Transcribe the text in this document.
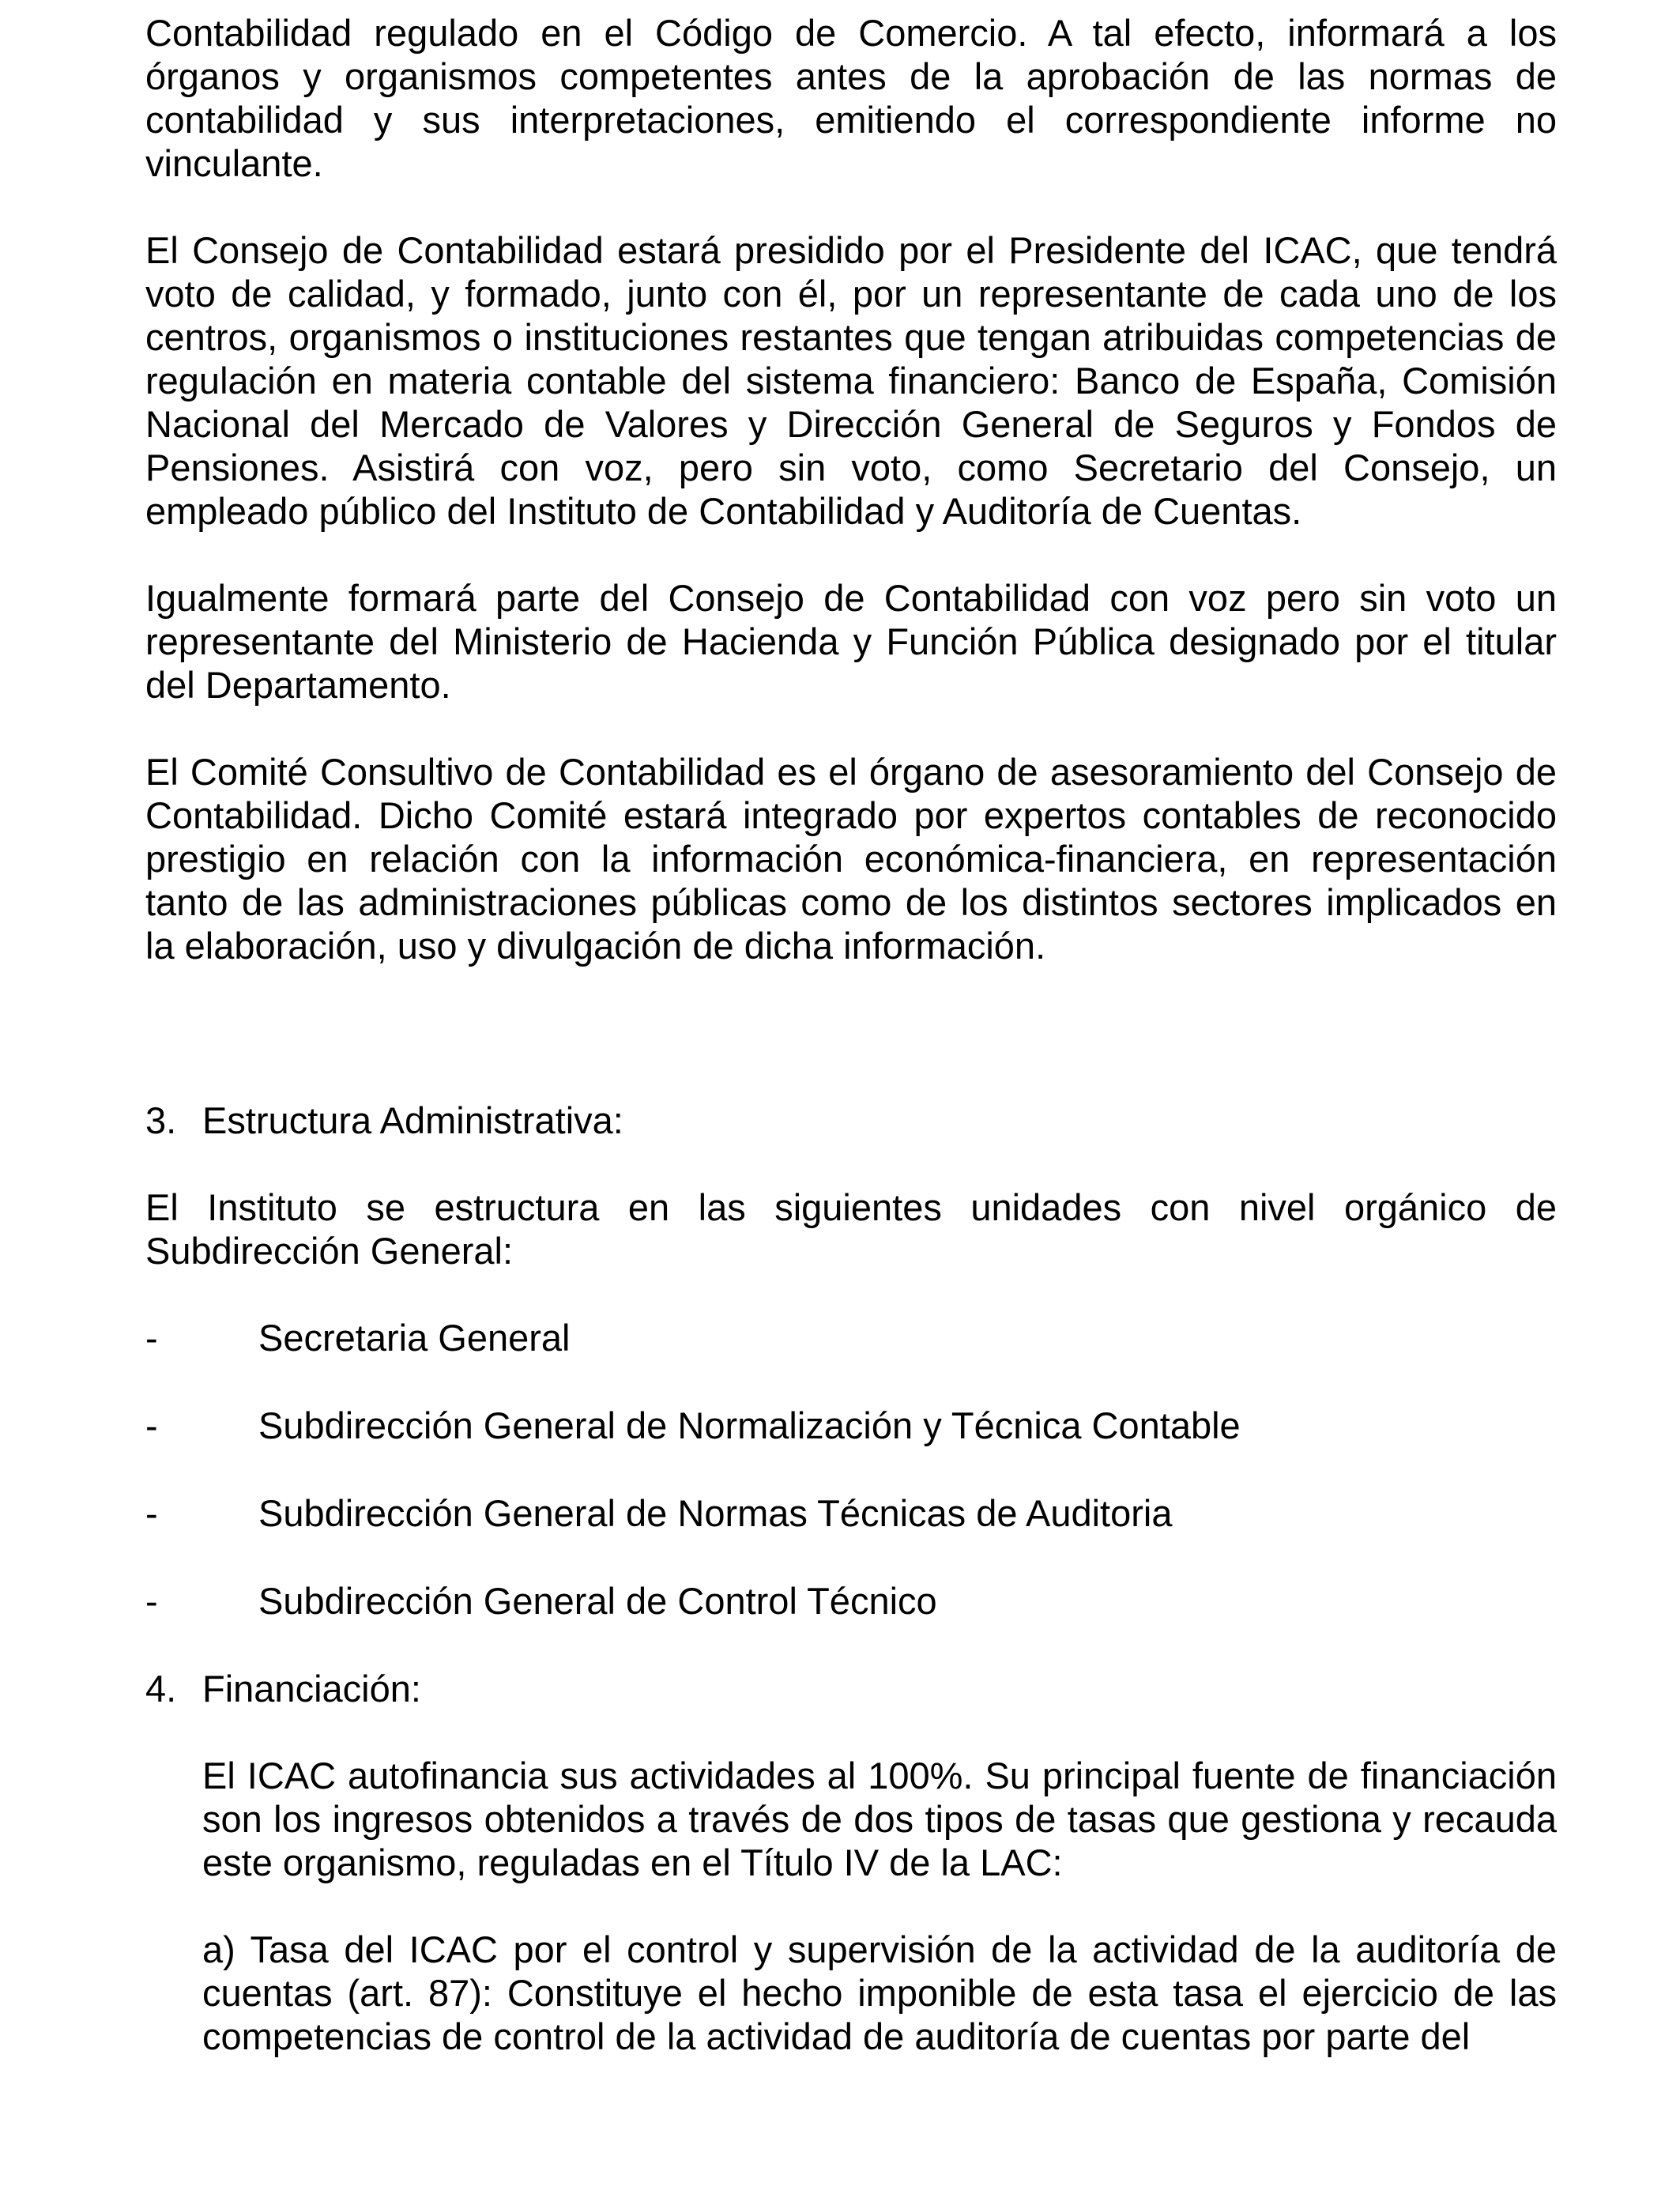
Contabilidad regulado en el Código de Comercio. A tal efecto, informará a los órganos y organismos competentes antes de la aprobación de las normas de contabilidad y sus interpretaciones, emitiendo el correspondiente informe no vinculante.

El Consejo de Contabilidad estará presidido por el Presidente del ICAC, que tendrá voto de calidad, y formado, junto con él, por un representante de cada uno de los centros, organismos o instituciones restantes que tengan atribuidas competencias de regulación en materia contable del sistema financiero: Banco de España, Comisión Nacional del Mercado de Valores y Dirección General de Seguros y Fondos de Pensiones. Asistirá con voz, pero sin voto, como Secretario del Consejo, un empleado público del Instituto de Contabilidad y Auditoría de Cuentas.

Igualmente formará parte del Consejo de Contabilidad con voz pero sin voto un representante del Ministerio de Hacienda y Función Pública designado por el titular del Departamento.

El Comité Consultivo de Contabilidad es el órgano de asesoramiento del Consejo de Contabilidad. Dicho Comité estará integrado por expertos contables de reconocido prestigio en relación con la información económica-financiera, en representación tanto de las administraciones públicas como de los distintos sectores implicados en la elaboración, uso y divulgación de dicha información.

3. Estructura Administrativa:

El Instituto se estructura en las siguientes unidades con nivel orgánico de Subdirección General:

-	Secretaria General
-	Subdirección General de Normalización y Técnica Contable
-	Subdirección General de Normas Técnicas de Auditoria
-	Subdirección General de Control Técnico
4. Financiación:

El ICAC autofinancia sus actividades al 100%. Su principal fuente de financiación son los ingresos obtenidos a través de dos tipos de tasas que gestiona y recauda este organismo, reguladas en el Título IV de la LAC:

a) Tasa del ICAC por el control y supervisión de la actividad de la auditoría de cuentas (art. 87): Constituye el hecho imponible de esta tasa el ejercicio de las competencias de control de la actividad de auditoría de cuentas por parte del
